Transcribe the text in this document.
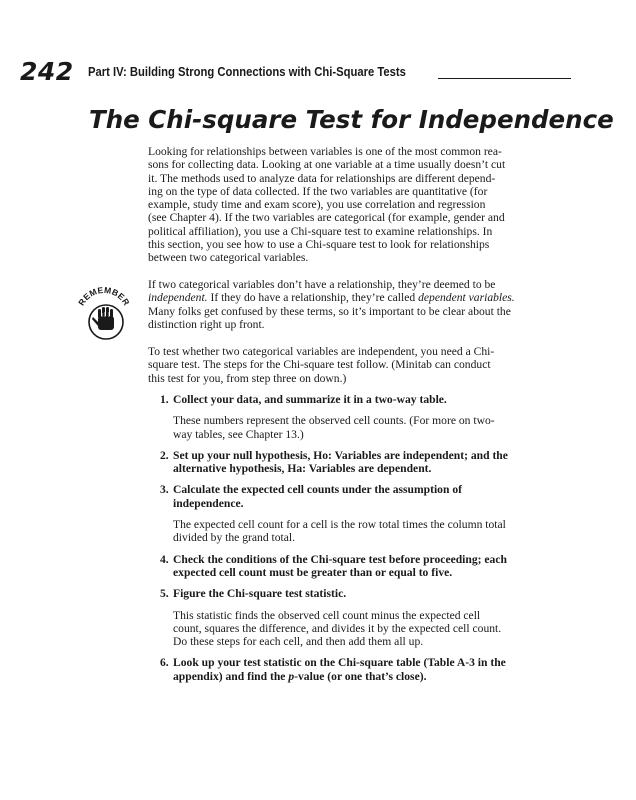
242 Part IV: Building Strong Connections with Chi-Square Tests
The Chi-square Test for Independence

Looking for relationships between variables is one of the most common rea-

sons for collecting data. Looking at one variable at a time usually doesn’t cut

it. The methods used to analyze data for relationships are different depend-

ing on the type of data collected. If the two variables are quantitative (for

example, study time and exam score), you use correlation and regression

(see Chapter 4). If the two variables are categorical (for example, gender and

political affiliation), you use a Chi-square test to examine relationships. In

this section, you see how to use a Chi-square test to look for relationships

between two categorical variables.

REMEMBER

If two categorical variables don’t have a relationship, they’re deemed to be

independent. If they do have a relationship, they’re called dependent variables.

Many folks get confused by these terms, so it’s important to be clear about the

distinction right up front.

To test whether two categorical variables are independent, you need a Chi-

square test. The steps for the Chi-square test follow. (Minitab can conduct

this test for you, from step three on down.)

1. Collect your data, and summarize it in a two-way table.

These numbers represent the observed cell counts. (For more on two-

way tables, see Chapter 13.)

2. Set up your null hypothesis, Ho: Variables are independent; and the

alternative hypothesis, Ha: Variables are dependent.

3. Calculate the expected cell counts under the assumption of

independence.

The expected cell count for a cell is the row total times the column total

divided by the grand total.

4. Check the conditions of the Chi-square test before proceeding; each

expected cell count must be greater than or equal to five.

5. Figure the Chi-square test statistic.

This statistic finds the observed cell count minus the expected cell

count, squares the difference, and divides it by the expected cell count.

Do these steps for each cell, and then add them all up.

6. Look up your test statistic on the Chi-square table (Table A-3 in the

appendix) and find the p-value (or one that’s close).
